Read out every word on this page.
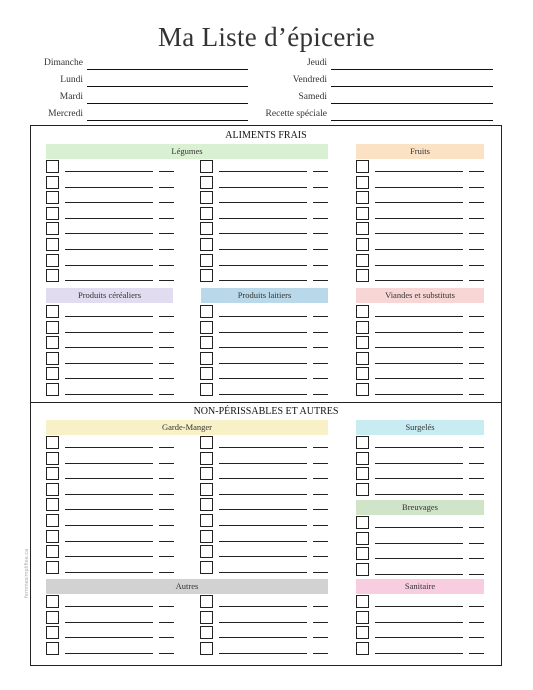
Ma Liste d’épicerie
Dimanche
Lundi
Mardi
Mercredi
Jeudi
Vendredi
Samedi
Recette spéciale
ALIMENTS FRAIS
NON-PÉRISSABLES ET AUTRES
Légumes	Fruits
Produits céréaliers	Produits laitiers	Viandes et substituts
Garde-Manger	Surgelés
Breuvages
Autres	Sanitaire
femmesimplifiee.ca
